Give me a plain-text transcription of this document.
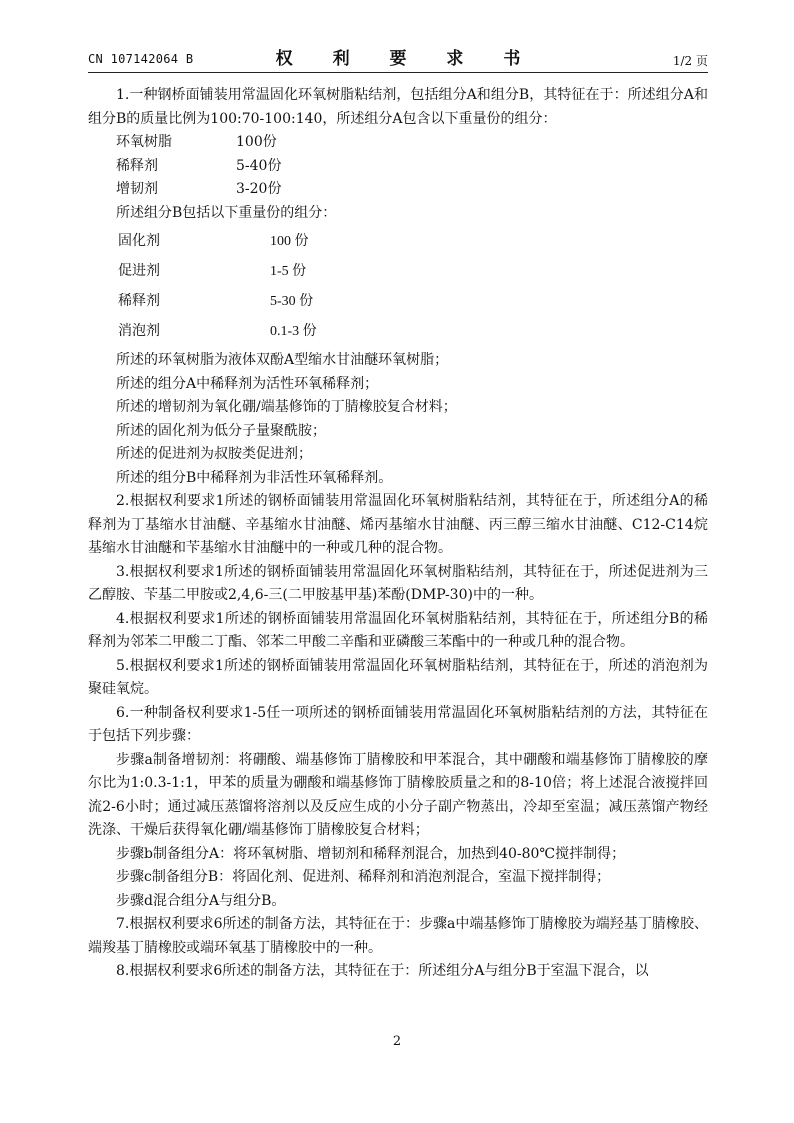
CN 107142064 B	权 利 要 求 书	1/2 页

1.一种钢桥面铺装用常温固化环氧树脂粘结剂，包括组分A和组分B，其特征在于：所述组分A和组分B的质量比例为100:70-100:140，所述组分A包含以下重量份的组分：

环氧树脂	100份
稀释剂	5-40份
增韧剂	3-20份

所述组分B包括以下重量份的组分：

固化剂	100 份
促进剂	1-5 份
稀释剂	5-30 份
消泡剂	0.1-3 份

所述的环氧树脂为液体双酚A型缩水甘油醚环氧树脂；

所述的组分A中稀释剂为活性环氧稀释剂；

所述的增韧剂为氧化硼/端基修饰的丁腈橡胶复合材料；

所述的固化剂为低分子量聚酰胺；

所述的促进剂为叔胺类促进剂；

所述的组分B中稀释剂为非活性环氧稀释剂。

2.根据权利要求1所述的钢桥面铺装用常温固化环氧树脂粘结剂，其特征在于，所述组分A的稀释剂为丁基缩水甘油醚、辛基缩水甘油醚、烯丙基缩水甘油醚、丙三醇三缩水甘油醚、C12-C14烷基缩水甘油醚和苄基缩水甘油醚中的一种或几种的混合物。

3.根据权利要求1所述的钢桥面铺装用常温固化环氧树脂粘结剂，其特征在于，所述促进剂为三乙醇胺、苄基二甲胺或2,4,6-三(二甲胺基甲基)苯酚(DMP-30)中的一种。

4.根据权利要求1所述的钢桥面铺装用常温固化环氧树脂粘结剂，其特征在于，所述组分B的稀释剂为邻苯二甲酸二丁酯、邻苯二甲酸二辛酯和亚磷酸三苯酯中的一种或几种的混合物。

5.根据权利要求1所述的钢桥面铺装用常温固化环氧树脂粘结剂，其特征在于，所述的消泡剂为聚硅氧烷。

6.一种制备权利要求1-5任一项所述的钢桥面铺装用常温固化环氧树脂粘结剂的方法，其特征在于包括下列步骤：

步骤a制备增韧剂：将硼酸、端基修饰丁腈橡胶和甲苯混合，其中硼酸和端基修饰丁腈橡胶的摩尔比为1:0.3-1:1，甲苯的质量为硼酸和端基修饰丁腈橡胶质量之和的8-10倍；将上述混合液搅拌回流2-6小时；通过减压蒸馏将溶剂以及反应生成的小分子副产物蒸出，冷却至室温；减压蒸馏产物经洗涤、干燥后获得氧化硼/端基修饰丁腈橡胶复合材料；

步骤b制备组分A：将环氧树脂、增韧剂和稀释剂混合，加热到40-80℃搅拌制得；

步骤c制备组分B：将固化剂、促进剂、稀释剂和消泡剂混合，室温下搅拌制得；

步骤d混合组分A与组分B。

7.根据权利要求6所述的制备方法，其特征在于：步骤a中端基修饰丁腈橡胶为端羟基丁腈橡胶、端羧基丁腈橡胶或端环氧基丁腈橡胶中的一种。

8.根据权利要求6所述的制备方法，其特征在于：所述组分A与组分B于室温下混合，以

2
